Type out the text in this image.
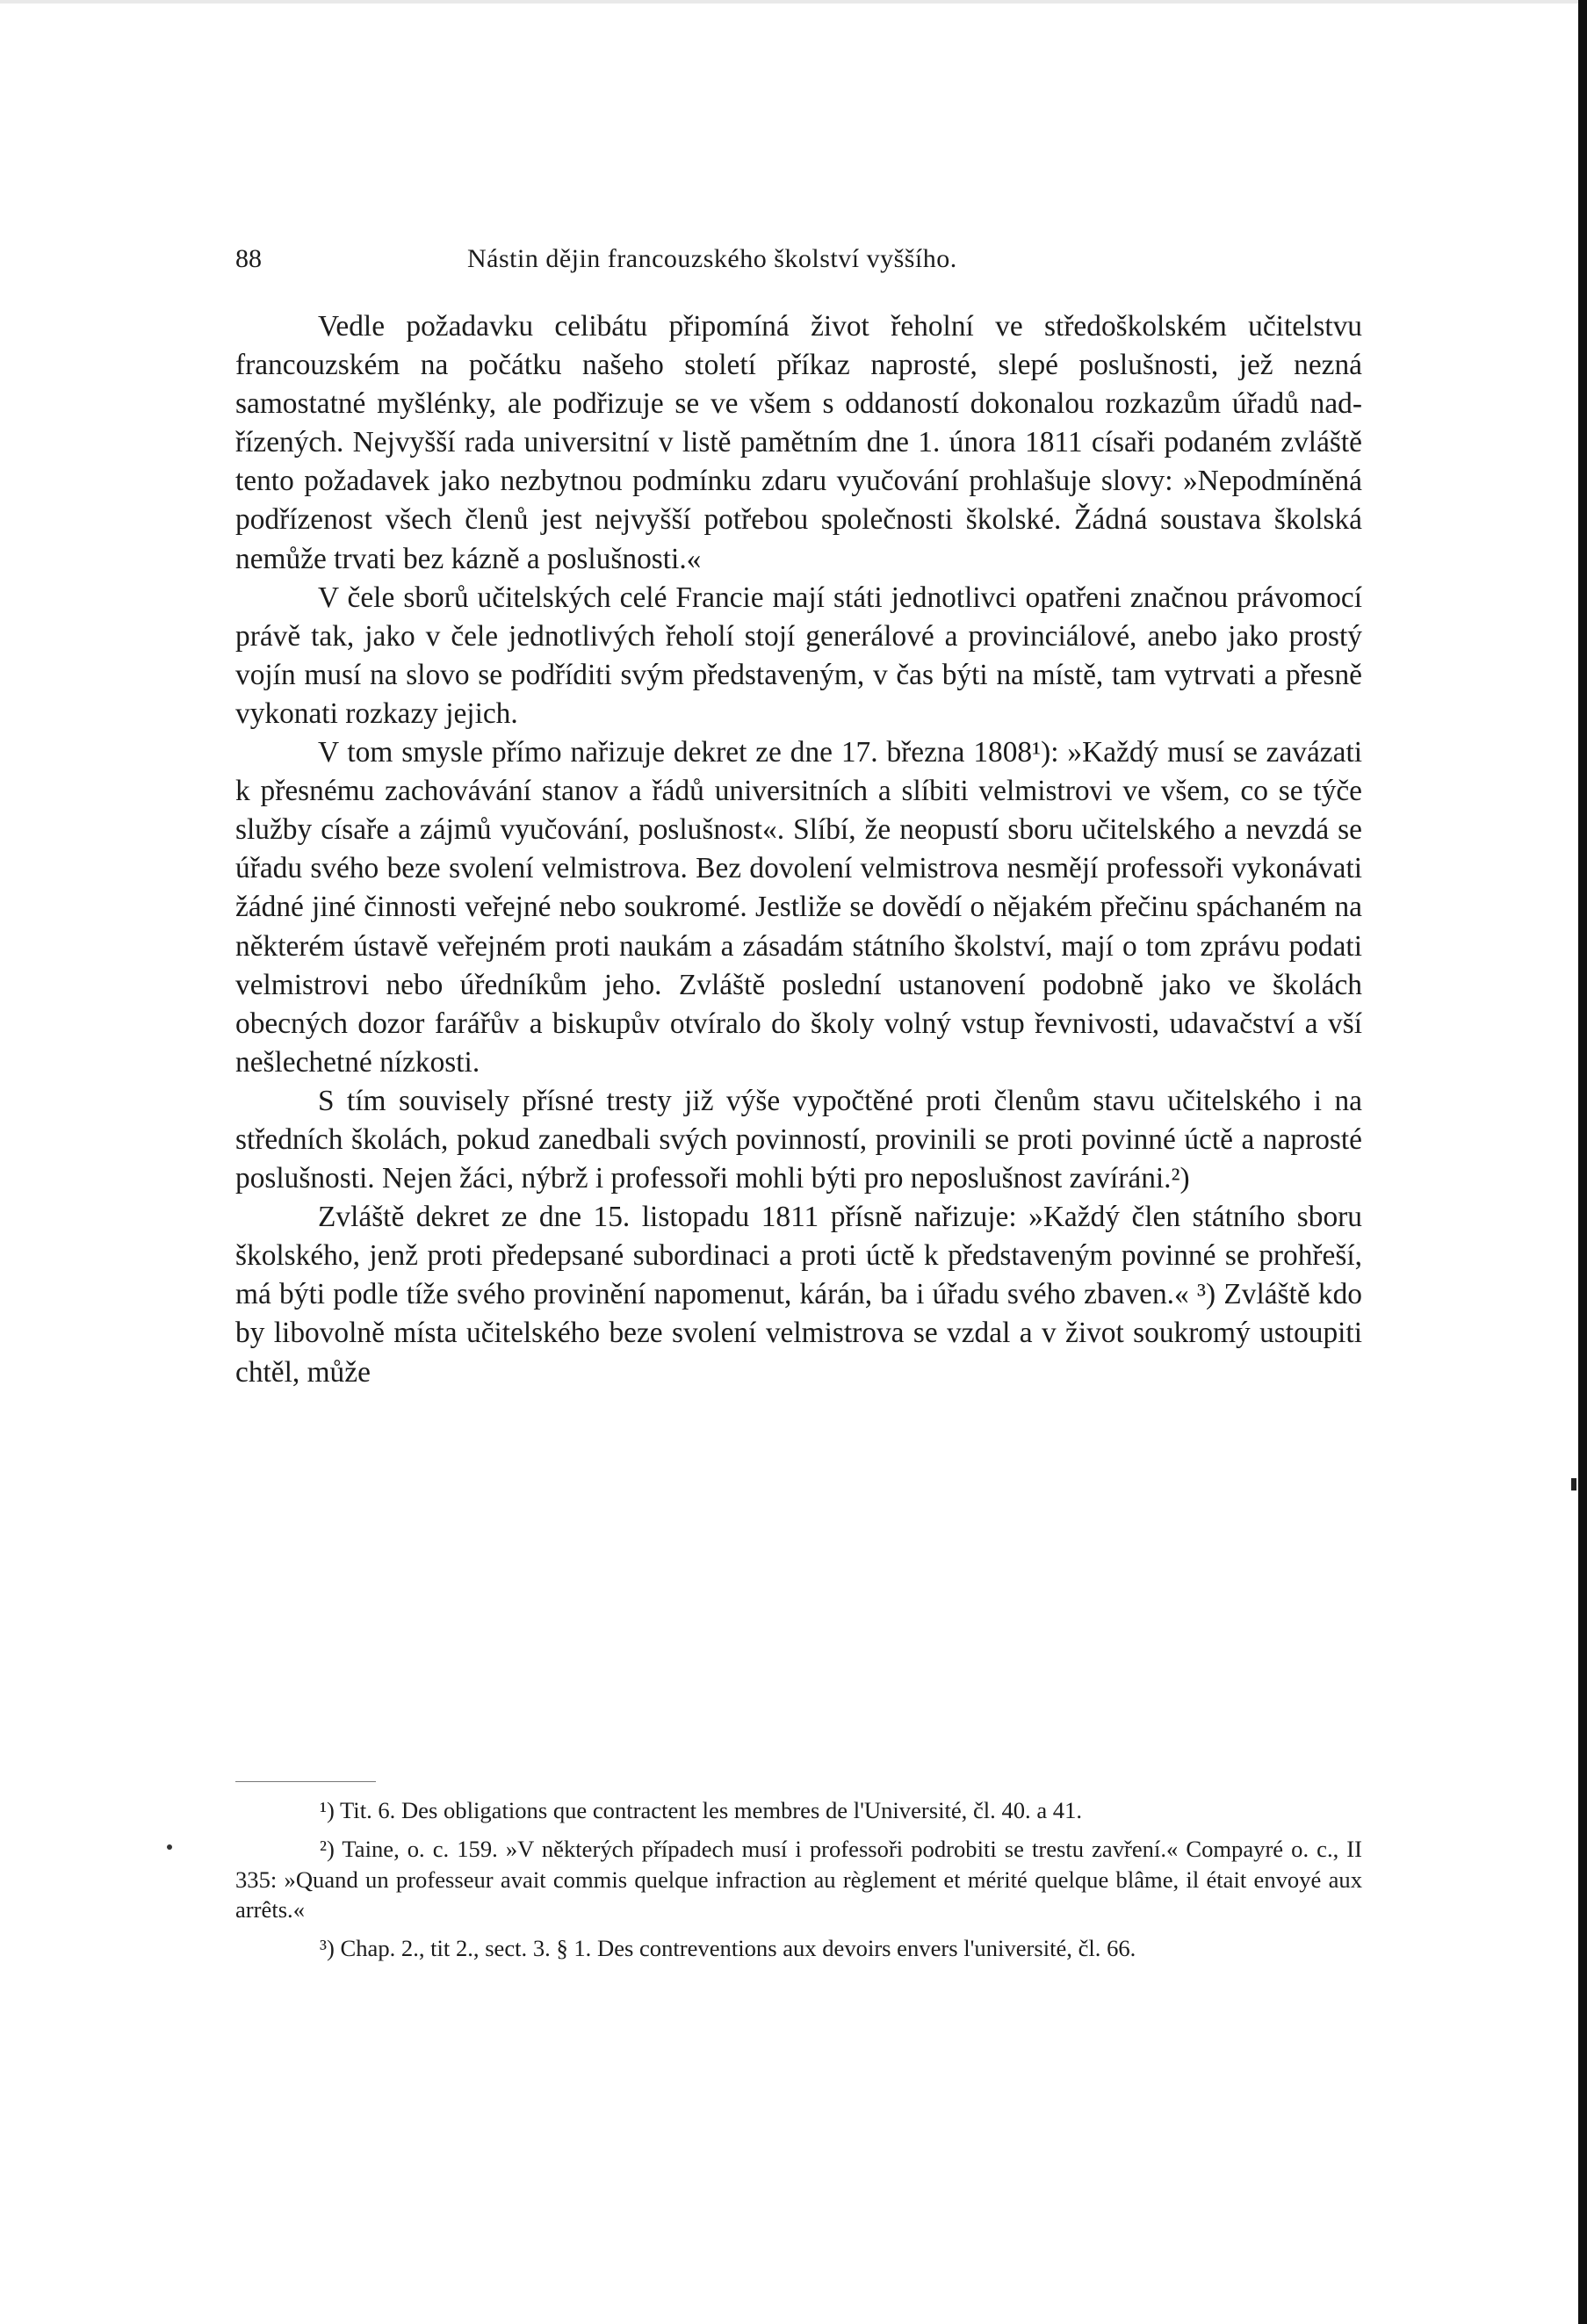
88	Nástin dějin francouzského školství vyššího.

Vedle požadavku celibátu připomíná život řeholní ve středoškolském učitelstvu francouzském na počátku našeho století příkaz naprosté, slepé poslušnosti, jež nezná samostatné myšlénky, ale podřizuje se ve všem s oddaností dokonalou rozkazům úřadů nadřízených. Nejvyšší rada universitní v listě pamětním dne 1. února 1811 císaři podaném zvláště tento požadavek jako nezbytnou podmínku zdaru vyučování prohlašuje slovy: »Nepodmíněná podřízenost všech členů jest nejvyšší potřebou společnosti školské. Žádná soustava školská nemůže trvati bez kázně a poslušnosti.«

V čele sborů učitelských celé Francie mají státi jednotlivci opatřeni značnou právomocí právě tak, jako v čele jednotlivých řeholí stojí generálové a provinciálové, anebo jako prostý vojín musí na slovo se podříditi svým představeným, v čas býti na místě, tam vytrvati a přesně vykonati rozkazy jejich.

V tom smysle přímo nařizuje dekret ze dne 17. března 1808¹): »Každý musí se zavázati k přesnému zachovávání stanov a řádů universitních a slíbiti velmistrovi ve všem, co se týče služby císaře a zájmů vyučování, poslušnost«. Slíbí, že neopustí sboru učitelského a nevzdá se úřadu svého beze svolení velmistrova. Bez dovolení velmistrova nesmějí professoři vykonávati žádné jiné činnosti veřejné nebo soukromé. Jestliže se dovědí o nějakém přečinu spáchaném na některém ústavě veřejném proti naukám a zásadám státního školství, mají o tom zprávu podati velmistrovi nebo úředníkům jeho. Zvláště poslední ustanovení podobně jako ve školách obecných dozor farářův a biskupův otvíralo do školy volný vstup řevnivosti, udavačství a vší nešlechetné nízkosti.

S tím souvisely přísné tresty již výše vypočtěné proti členům stavu učitelského i na středních školách, pokud zanedbali svých povinností, provinili se proti povinné úctě a naprosté poslušnosti. Nejen žáci, nýbrž i professoři mohli býti pro neposlušnost zavíráni.²)

Zvláště dekret ze dne 15. listopadu 1811 přísně nařizuje: »Každý člen státního sboru školského, jenž proti předepsané subordinaci a proti úctě k představeným povinné se prohřeší, má býti podle tíže svého provinění napomenut, kárán, ba i úřadu svého zbaven.« ³) Zvláště kdo by libovolně místa učitelského beze svolení velmistrova se vzdal a v život soukromý ustoupiti chtěl, může

¹) Tit. 6. Des obligations que contractent les membres de l'Université, čl. 40. a 41.

²) Taine, o. c. 159. »V některých případech musí i professoři podrobiti se trestu zavření.« Compayré o. c., II 335: »Quand un professeur avait commis quelque infraction au règlement et mérité quelque blâme, il était envoyé aux arrêts.«

³) Chap. 2., tit 2., sect. 3. § 1. Des contreventions aux devoirs envers l'université, čl. 66.
